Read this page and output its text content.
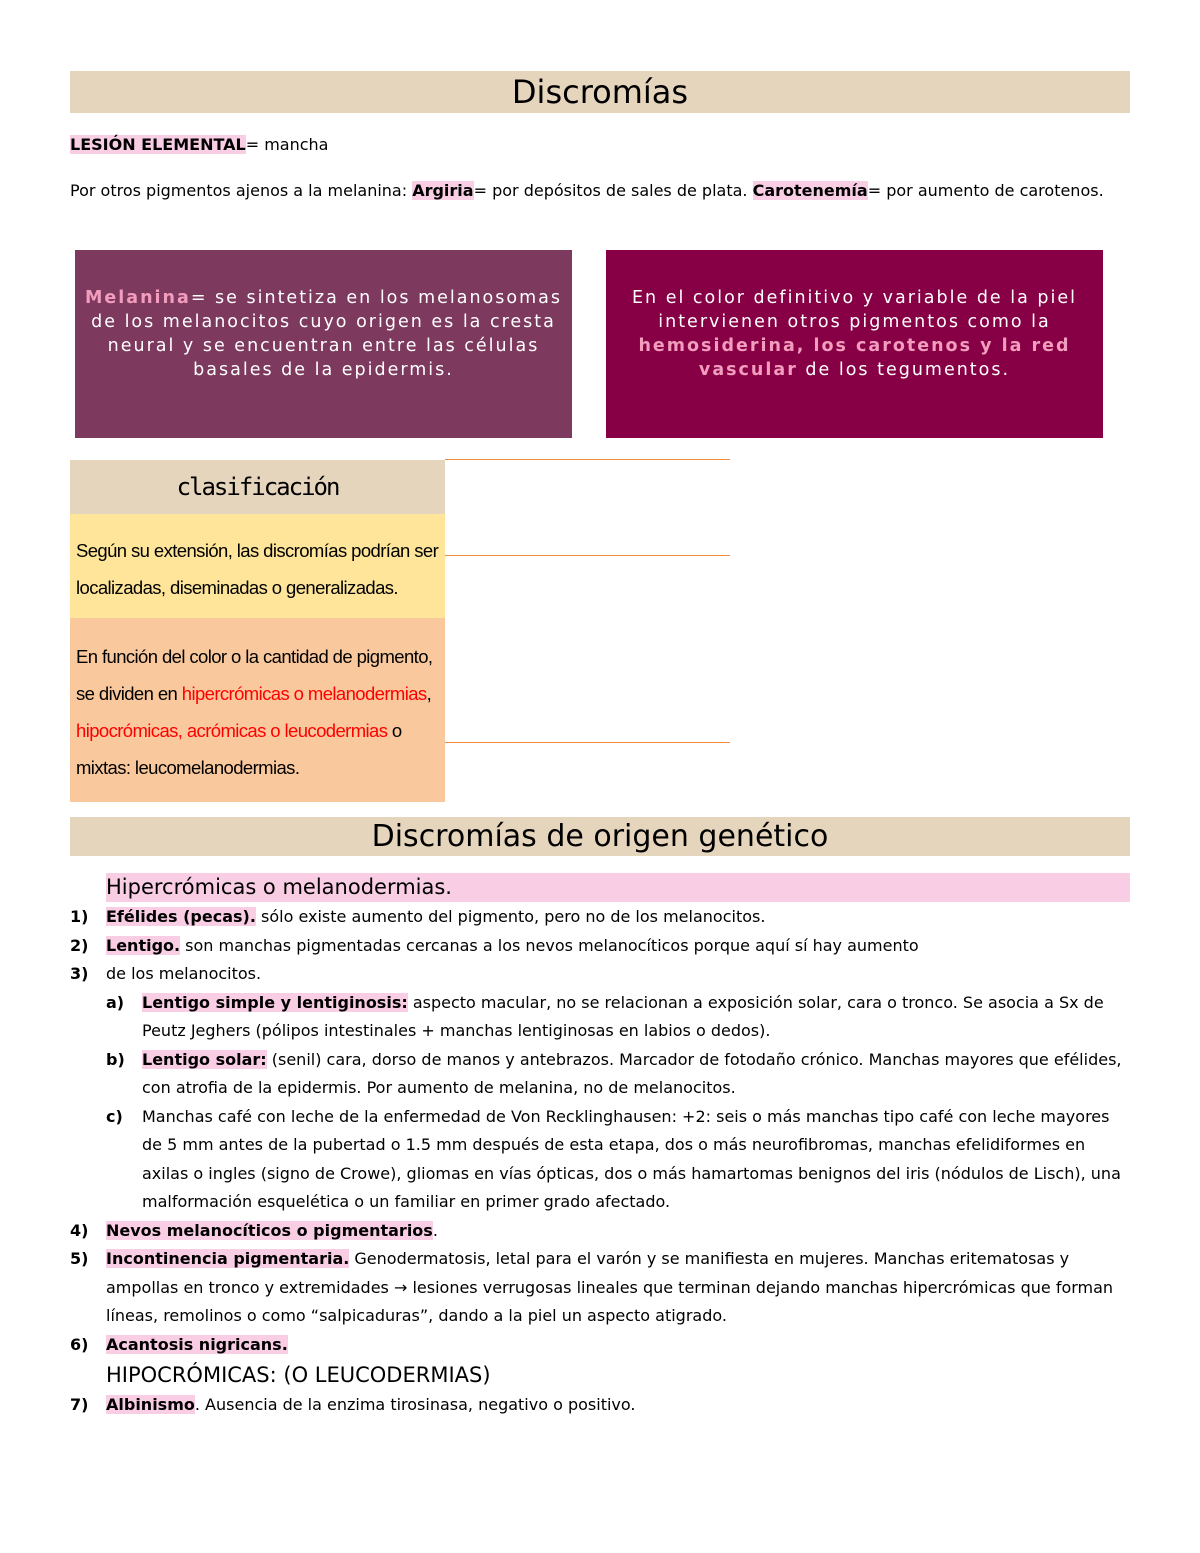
Discromías
LESIÓN ELEMENTAL= mancha
Por otros pigmentos ajenos a la melanina: Argiria= por depósitos de sales de plata. Carotenemía= por aumento de carotenos.
Melanina= se sintetiza en los melanosomas de los melanocitos cuyo origen es la cresta neural y se encuentran entre las células basales de la epidermis.
En el color definitivo y variable de la piel intervienen otros pigmentos como la hemosiderina, los carotenos y la red vascular de los tegumentos.
clasificación
Según su extensión, las discromías podrían ser localizadas, diseminadas o generalizadas.
En función del color o la cantidad de pigmento, se dividen en hipercrómicas o melanodermias, hipocrómicas, acrómicas o leucodermias o mixtas: leucomelanodermias.
Discromías de origen genético
Hipercrómicas o melanodermias.
1) Efélides (pecas). sólo existe aumento del pigmento, pero no de los melanocitos.
2) Lentigo. son manchas pigmentadas cercanas a los nevos melanocíticos porque aquí sí hay aumento
3) de los melanocitos.
a) Lentigo simple y lentiginosis: aspecto macular, no se relacionan a exposición solar, cara o tronco. Se asocia a Sx de Peutz Jeghers (pólipos intestinales + manchas lentiginosas en labios o dedos).
b) Lentigo solar: (senil) cara, dorso de manos y antebrazos. Marcador de fotodaño crónico. Manchas mayores que efélides, con atrofia de la epidermis. Por aumento de melanina, no de melanocitos.
c) Manchas café con leche de la enfermedad de Von Recklinghausen: +2: seis o más manchas tipo café con leche mayores de 5 mm antes de la pubertad o 1.5 mm después de esta etapa, dos o más neurofibromas, manchas efelidiformes en axilas o ingles (signo de Crowe), gliomas en vías ópticas, dos o más hamartomas benignos del iris (nódulos de Lisch), una malformación esquelética o un familiar en primer grado afectado.
4) Nevos melanocíticos o pigmentarios.
5) Incontinencia pigmentaria. Genodermatosis, letal para el varón y se manifiesta en mujeres. Manchas eritematosas y ampollas en tronco y extremidades → lesiones verrugosas lineales que terminan dejando manchas hipercrómicas que forman líneas, remolinos o como “salpicaduras”, dando a la piel un aspecto atigrado.
6) Acantosis nigricans.
HIPOCRÓMICAS: (O LEUCODERMIAS)
7) Albinismo. Ausencia de la enzima tirosinasa, negativo o positivo.
